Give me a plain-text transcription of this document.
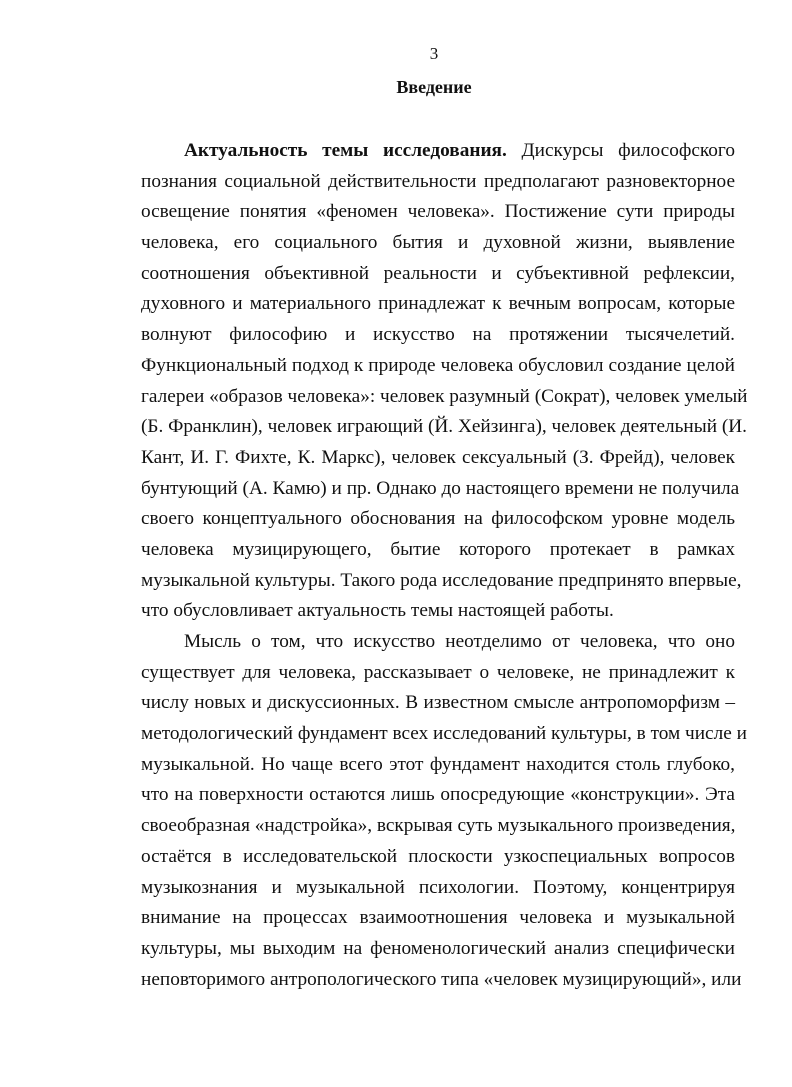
3
Введение
Актуальность темы исследования. Дискурсы философского
познания социальной действительности предполагают разновекторное
освещение понятия «феномен человека». Постижение сути природы
человека, его социального бытия и духовной жизни, выявление
соотношения объективной реальности и субъективной рефлексии,
духовного и материального принадлежат к вечным вопросам, которые
волнуют философию и искусство на протяжении тысячелетий.
Функциональный подход к природе человека обусловил создание целой
галереи «образов человека»: человек разумный (Сократ), человек умелый
(Б. Франклин), человек играющий (Й. Хейзинга), человек деятельный (И.
Кант, И. Г. Фихте, К. Маркс), человек сексуальный (З. Фрейд), человек
бунтующий (А. Камю) и пр. Однако до настоящего времени не получила
своего концептуального обоснования на философском уровне модель
человека музицирующего, бытие которого протекает в рамках
музыкальной культуры. Такого рода исследование предпринято впервые,
что обусловливает актуальность темы настоящей работы.
Мысль о том, что искусство неотделимо от человека, что оно
существует для человека, рассказывает о человеке, не принадлежит к
числу новых и дискуссионных. В известном смысле антропоморфизм –
методологический фундамент всех исследований культуры, в том числе и
музыкальной. Но чаще всего этот фундамент находится столь глубоко,
что на поверхности остаются лишь опосредующие «конструкции». Эта
своеобразная «надстройка», вскрывая суть музыкального произведения,
остаётся в исследовательской плоскости узкоспециальных вопросов
музыкознания и музыкальной психологии. Поэтому, концентрируя
внимание на процессах взаимоотношения человека и музыкальной
культуры, мы выходим на феноменологический анализ специфически
неповторимого антропологического типа «человек музицирующий», или
